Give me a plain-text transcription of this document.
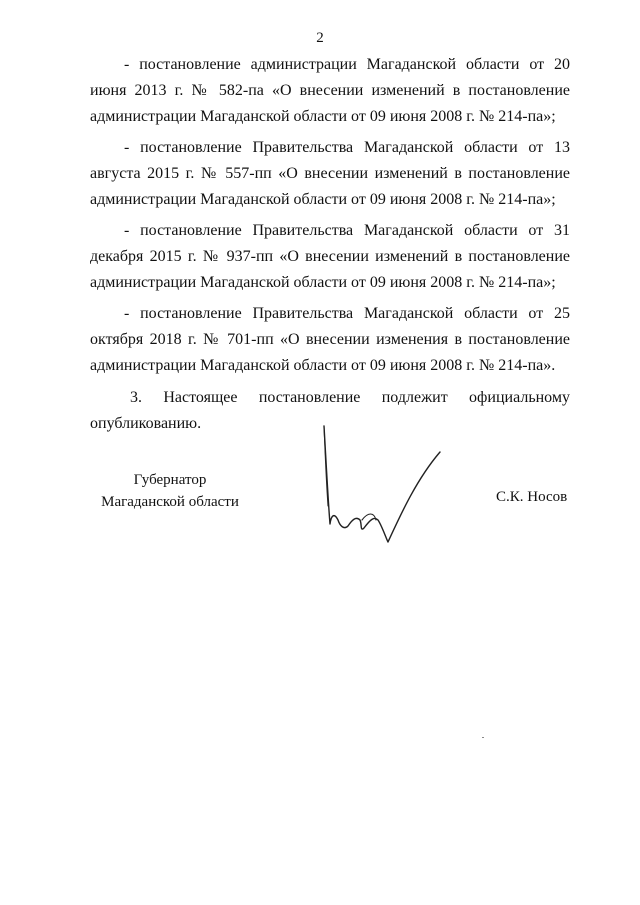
2

- постановление администрации Магаданской области от 20 июня 2013 г. № 582-па «О внесении изменений в постановление администрации Магаданской области от 09 июня 2008 г. № 214-па»;

- постановление Правительства Магаданской области от 13 августа 2015 г. № 557-пп «О внесении изменений в постановление администрации Магаданской области от 09 июня 2008 г. № 214-па»;

- постановление Правительства Магаданской области от 31 декабря 2015 г. № 937-пп «О внесении изменений в постановление администрации Магаданской области от 09 июня 2008 г. № 214-па»;

- постановление Правительства Магаданской области от 25 октября 2018 г. № 701-пп «О внесении изменения в постановление администрации Магаданской области от 09 июня 2008 г. № 214-па».

3. Настоящее постановление подлежит официальному опубликованию.

Губернатор
Магаданской области	С.К. Носов
